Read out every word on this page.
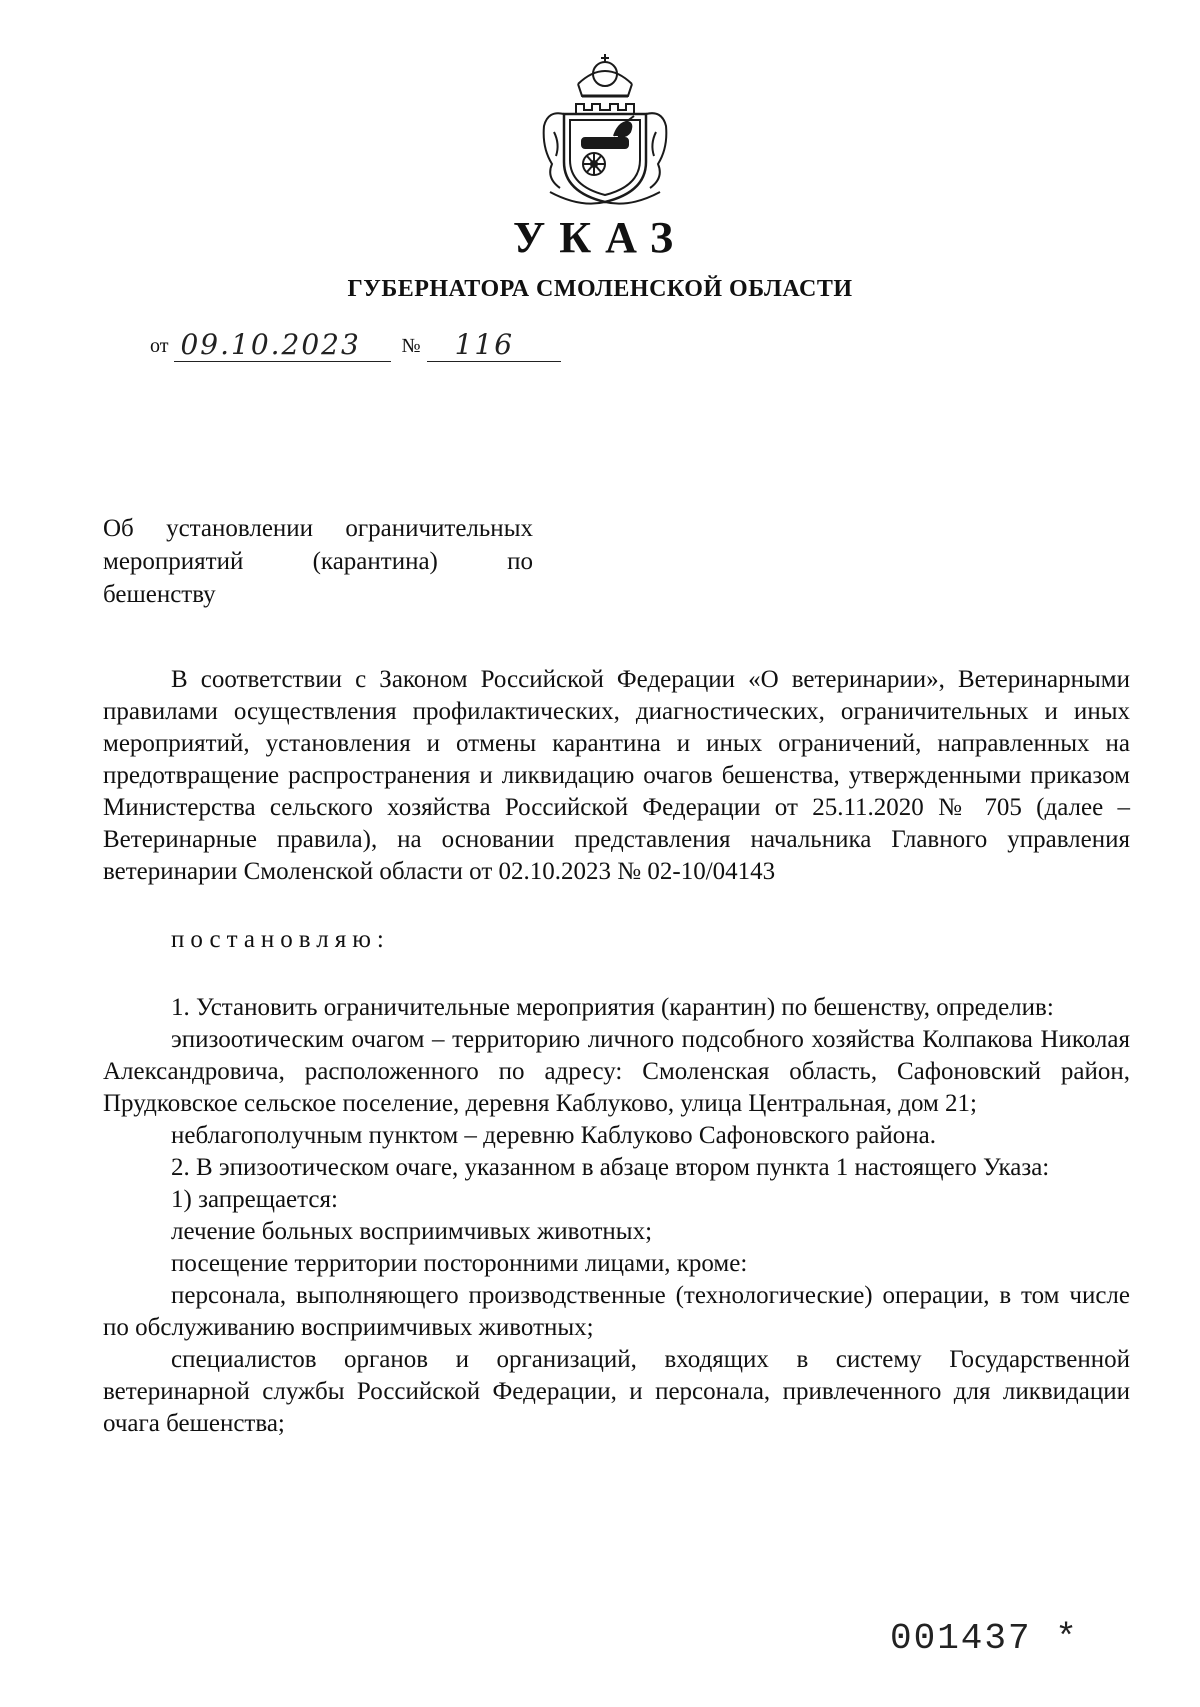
УКАЗ
ГУБЕРНАТОРА СМОЛЕНСКОЙ ОБЛАСТИ
от 09.10.2023	№	116
Об установлении ограничительных
мероприятий (карантина) по
бешенству

В соответствии с Законом Российской Федерации «О ветеринарии», Ветеринарными правилами осуществления профилактических, диагностических, ограничительных и иных мероприятий, установления и отмены карантина и иных ограничений, направленных на предотвращение распространения и ликвидацию очагов бешенства, утвержденными приказом Министерства сельского хозяйства Российской Федерации от 25.11.2020 № 705 (далее – Ветеринарные правила), на основании представления начальника Главного управления ветеринарии Смоленской области от 02.10.2023 № 02-10/04143

постановляю:

1. Установить ограничительные мероприятия (карантин) по бешенству, определив:

эпизоотическим очагом – территорию личного подсобного хозяйства Колпакова Николая Александровича, расположенного по адресу: Смоленская область, Сафоновский район, Прудковское сельское поселение, деревня Каблуково, улица Центральная, дом 21;

неблагополучным пунктом – деревню Каблуково Сафоновского района.

2. В эпизоотическом очаге, указанном в абзаце втором пункта 1 настоящего Указа:

1) запрещается:

лечение больных восприимчивых животных;

посещение территории посторонними лицами, кроме:

персонала, выполняющего производственные (технологические) операции, в том числе по обслуживанию восприимчивых животных;

специалистов органов и организаций, входящих в систему Государственной ветеринарной службы Российской Федерации, и персонала, привлеченного для ликвидации очага бешенства;

001437 *
